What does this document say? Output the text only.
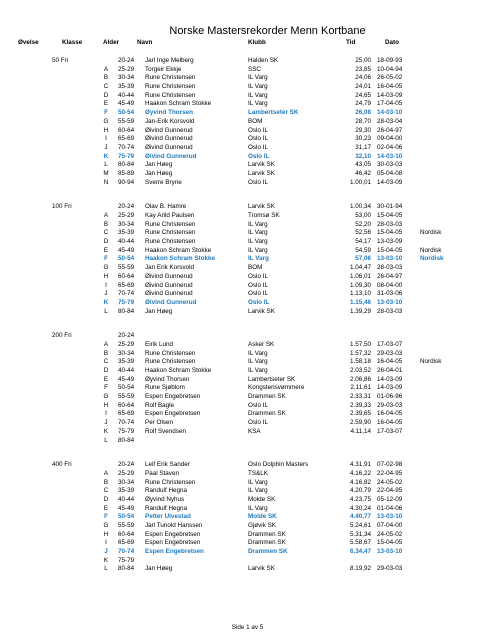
Norske Mastersrekorder Menn Kortbane
Øvelse	Klasse	Alder	Navn	Klubb	Tid	Dato
50 Fri	20-24 Jarl Inge Melberg	Halden SK	25,00 18-09-93
A	25-29 Torgeir Ekkje	SSC	23,85 10-04-94
B	30-34 Rune Christensen	IL Varg	24,06 26-05-02
C	35-39 Rune Christensen	IL Varg	24,01 16-04-05
D	40-44 Rune Christensen	IL Varg	24,65 14-03-09
E	45-49 Haakon Schram Stokke	IL Varg	24,79 17-04-05
F	50-54 Øyvind Thorsen	Lambertseter SK	26,08 14-03-10
G	55-59 Jan-Erik Korsvold	BOM	28,70 28-03-04
H	60-64 Øivind Gunnerud	Oslo IL	29,30 26-04-97
I	65-69 Øivind Gunnerud	Oslo IL	30,23 09-04-00
J	70-74 Øivind Gunnerud	Oslo IL	31,17 02-04-06
K	75-79 Øivind Gunnerud	Oslo IL	32,10 14-03-10
L	80-84 Jan Høeg	Larvik SK	43,05 30-03-03
M	85-89 Jan Høeg	Larvik SK	46,42 05-04-08
N	90-94 Sverre Bryne	Oslo IL	1.00,01 14-03-09
100 Fri	20-24 Olav B. Hamre	Larvik SK	1.00,34 30-01-94
A	25-29 Kay Arild Paulsen	Tromsø SK	53,00 15-04-05
B	30-34 Rune Christensen	IL Varg	52,20 28-03-03
C	35-39 Rune Christensen	IL Varg	52,56 15-04-05	Nordisk
D	40-44 Rune Christensen	IL Varg	54,17 13-03-09
E	45-49 Haakon Schram Stokke	IL Varg	54,59 15-04-05	Nordisk
F	50-54 Haakon Schram Stokke	IL Varg	57,06 13-03-10	Nordisk
G	55-59 Jan Erik Korsvold	BOM	1.04,47 28-03-03
H	60-64 Øivind Gunnerud	Oslo IL	1.06,01 26-04-97
I	65-69 Øivind Gunnerud	Oslo IL	1.09,30 08-04-00
J	70-74 Øivind Gunnerud	Oslo IL	1.13,10 31-03-06
K	75-79 Øivind Gunnerud	Oslo IL	1.15,46 13-03-10
L	80-84 Jan Høeg	Larvik SK	1.39,29 28-03-03
200 Fri	20-24
A	25-29 Eirik Lund	Asker SK	1.57,50 17-03-07
B	30-34 Rune Christensen	IL Varg	1.57,32 29-03-03
C	35-39 Rune Christensen	IL Varg	1.58,18 16-04-05	Nordisk
D	40-44 Haakon Schram Stokke	IL Varg	2.03,52 26-04-01
E	45-49 Øyvind Thorsen	Lambertseter SK	2.06,86 14-03-09
F	50-54 Rune Sjøblom	Kongstensvømmere	2.11,61 14-03-09
G	55-59 Espen Engebretsen	Drammen SK	2.33,31 01-06-96
H	60-64 Rolf Bagle	Oslo IL	2.39,33 29-03-03
I	65-69 Espen Engebretsen	Drammen SK	2.39,65 16-04-05
J	70-74 Per Olsen	Oslo IL	2.59,90 16-04-05
K	75-79 Rolf Svendsen	KSA	4.11,14 17-03-07
L	80-84
400 Fri	20-24 Leif Erik Sander	Oslo Dolphin Masters	4.31,91 07-02-98
A	25-29 Paal Staven	TS&LK	4.16,22 22-04-95
B	30-34 Rune Christensen	IL Varg	4.16,82 24-05-02
C	35-39 Randulf Hegna	IL Varg	4.20,79 22-04-95
D	40-44 Øyvind Nyhus	Molde SK	4.23,75 05-12-09
E	45-49 Randulf Hegna	IL Varg	4.30,24 01-04-06
F	50-54 Petter Ulvestad	Molde SK	4.40,77 13-03-10
G	55-59 Jarl Tunold Hanssen	Gjøvik SK	5.24,61 07-04-00
H	60-64 Espen Engebretsen	Drammen SK	5.31,34 24-05-02
I	65-69 Espen Engebretsen	Drammen SK	5.58,67 15-04-05
J	70-74 Espen Engebretsen	Drammen SK	6.34,47 13-03-10
K	75-79
L	80-84 Jan Høeg	Larvik SK	8.19,92 29-03-03
Side 1 av 5
